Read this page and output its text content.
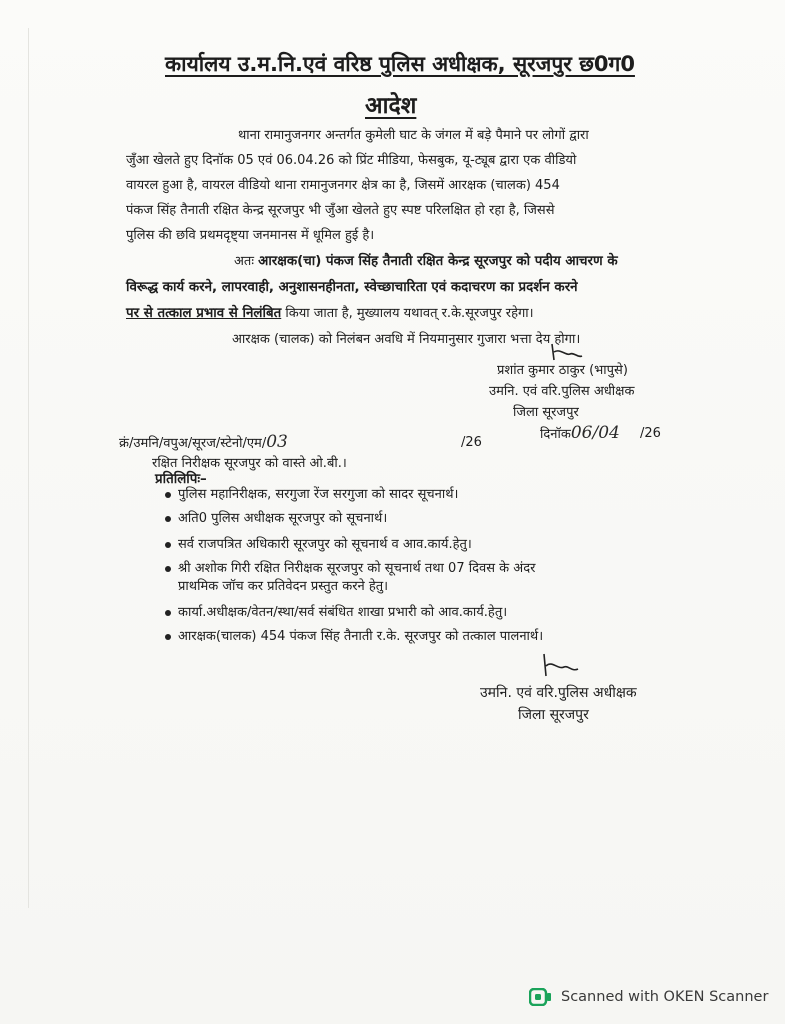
कार्यालय उ.म.नि.एवं वरिष्ठ पुलिस अधीक्षक, सूरजपुर छ0ग0
आदेश
थाना रामानुजनगर अन्तर्गत कुमेली घाट के जंगल में बड़े पैमाने पर लोगों द्वारा
जुँआ खेलते हुए दिनॉक 05 एवं 06.04.26 को प्रिंट मीडिया, फेसबुक, यू-ट्यूब द्वारा एक वीडियो
वायरल हुआ है, वायरल वीडियो थाना रामानुजनगर क्षेत्र का है, जिसमें आरक्षक (चालक) 454
पंकज सिंह तैनाती रक्षित केन्द्र सूरजपुर भी जुँआ खेलते हुए स्पष्ट परिलक्षित हो रहा है, जिससे
पुलिस की छवि प्रथमदृष्ट्या जनमानस में धूमिल हुई है।
अतः आरक्षक(चा) पंकज सिंह तैनाती रक्षित केन्द्र सूरजपुर को पदीय आचरण के
विरूद्ध कार्य करने, लापरवाही, अनुशासनहीनता, स्वेच्छाचारिता एवं कदाचरण का प्रदर्शन करने
पर से तत्काल प्रभाव से निलंबित किया जाता है, मुख्यालय यथावत् र.के.सूरजपुर रहेगा।
आरक्षक (चालक) को निलंबन अवधि में नियमानुसार गुजारा भत्ता देय होगा।
प्रशांत कुमार ठाकुर (भापुसे)
उमनि. एवं वरि.पुलिस अधीक्षक
जिला सूरजपुर
क्रं/उमनि/वपुअ/सूरज/स्टेनो/एम/03	/26
दिनॉक06/04 /26
रक्षित निरीक्षक सूरजपुर को वास्ते ओ.बी.।
प्रतिलिपिः–
पुलिस महानिरीक्षक, सरगुजा रेंज सरगुजा को सादर सूचनार्थ।
अति0 पुलिस अधीक्षक सूरजपुर को सूचनार्थ।
सर्व राजपत्रित अधिकारी सूरजपुर को सूचनार्थ व आव.कार्य.हेतु।
श्री अशोक गिरी रक्षित निरीक्षक सूरजपुर को सूचनार्थ तथा 07 दिवस के अंदर
प्राथमिक जॉच कर प्रतिवेदन प्रस्तुत करने हेतु।
कार्या.अधीक्षक/वेतन/स्था/सर्व संबंधित शाखा प्रभारी को आव.कार्य.हेतु।
आरक्षक(चालक) 454 पंकज सिंह तैनाती र.के. सूरजपुर को तत्काल पालनार्थ।
उमनि. एवं वरि.पुलिस अधीक्षक
जिला सूरजपुर
Scanned with OKEN Scanner
